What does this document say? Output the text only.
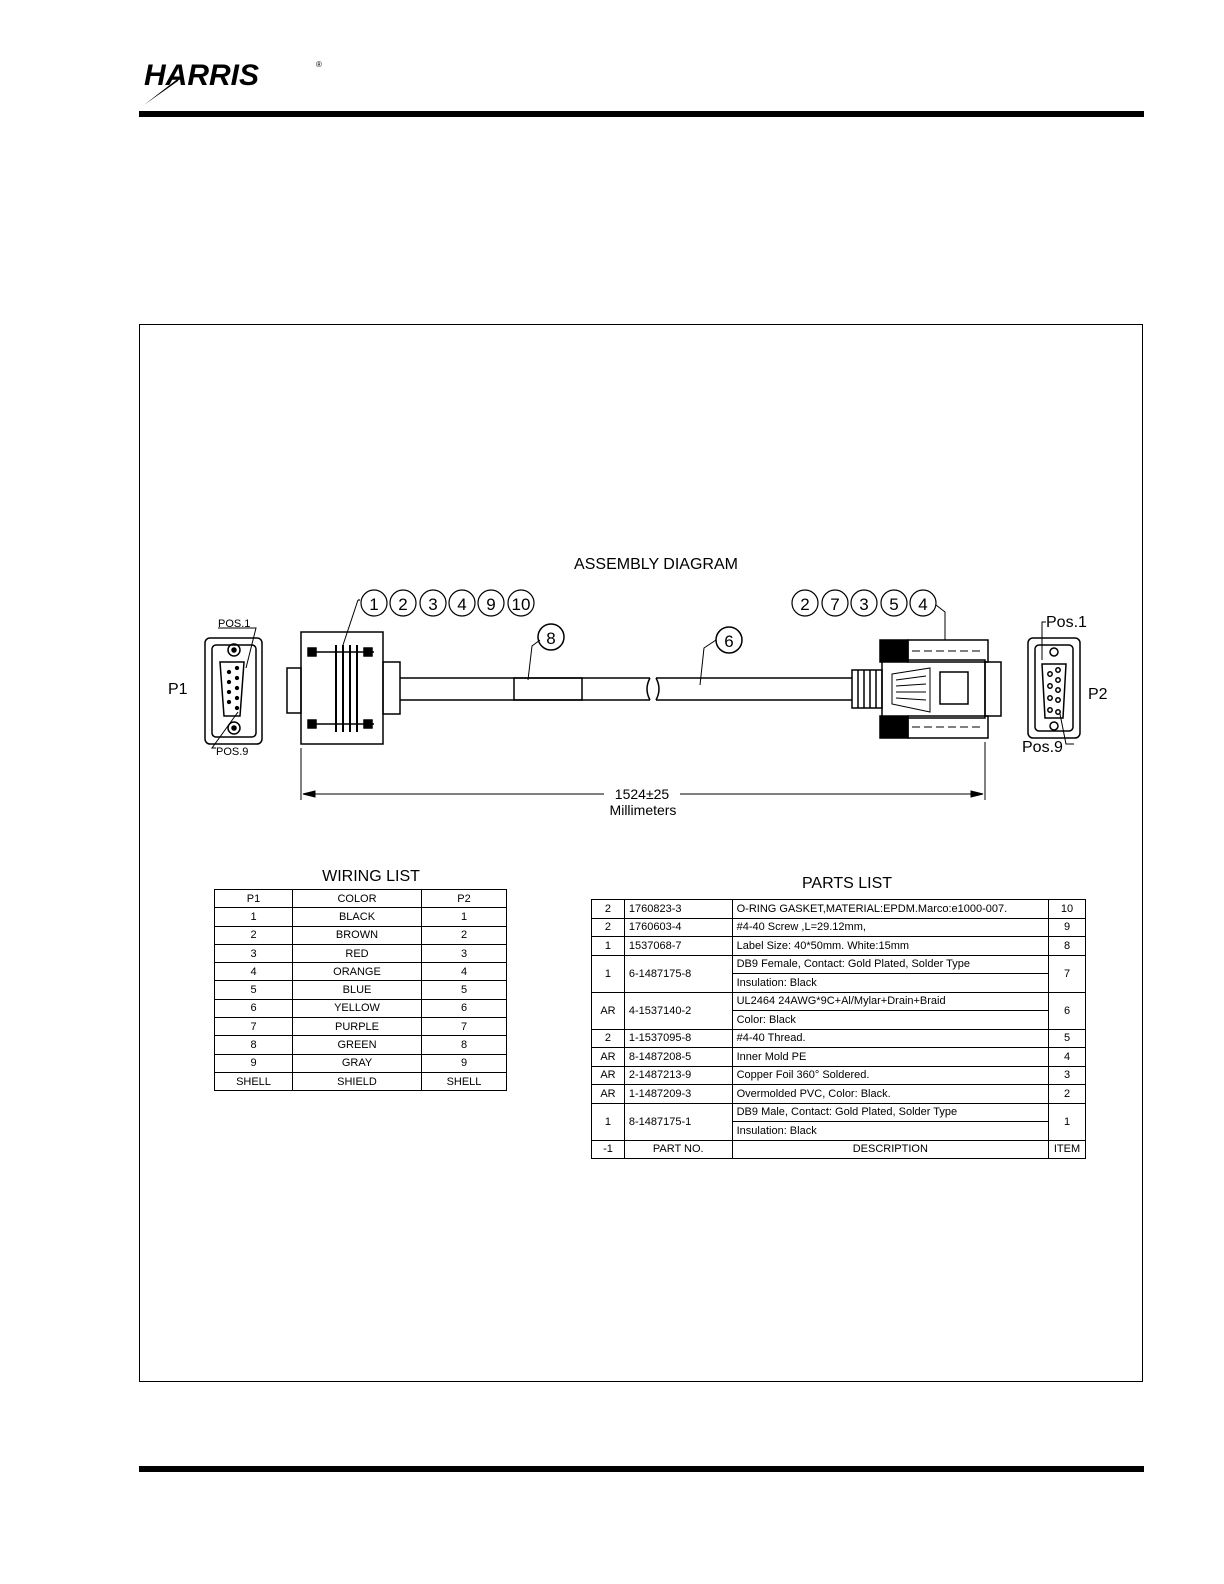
HARRIS	®
ASSEMBLY DIAGRAM
P1
POS.1
POS.9
1 2 3 4 9 10
8	6
2 7 3 5 4
Pos.1
Pos.9
P2
1524±25
Millimeters
WIRING LIST
P1	COLOR	P2
1	BLACK	1
2	BROWN	2
3	RED	3
4	ORANGE	4
5	BLUE	5
6	YELLOW	6
7	PURPLE	7
8	GREEN	8
9	GRAY	9
SHELL	SHIELD	SHELL
PARTS LIST
2	1760823-3	O-RING GASKET,MATERIAL:EPDM.Marco:e1000-007.	10
2	1760603-4	#4-40 Screw ,L=29.12mm,	9
1	1537068-7	Label Size: 40*50mm. White:15mm	8
1	6-1487175-8	DB9 Female, Contact: Gold Plated, Solder Type	7
		Insulation: Black	
AR	4-1537140-2	UL2464 24AWG*9C+Al/Mylar+Drain+Braid	6
		Color: Black	
2	1-1537095-8	#4-40 Thread.	5
AR	8-1487208-5	Inner Mold PE	4
AR	2-1487213-9	Copper Foil 360° Soldered.	3
AR	1-1487209-3	Overmolded PVC, Color: Black.	2
1	8-1487175-1	DB9 Male, Contact: Gold Plated, Solder Type	1
		Insulation: Black	
-1	PART NO.	DESCRIPTION	ITEM
